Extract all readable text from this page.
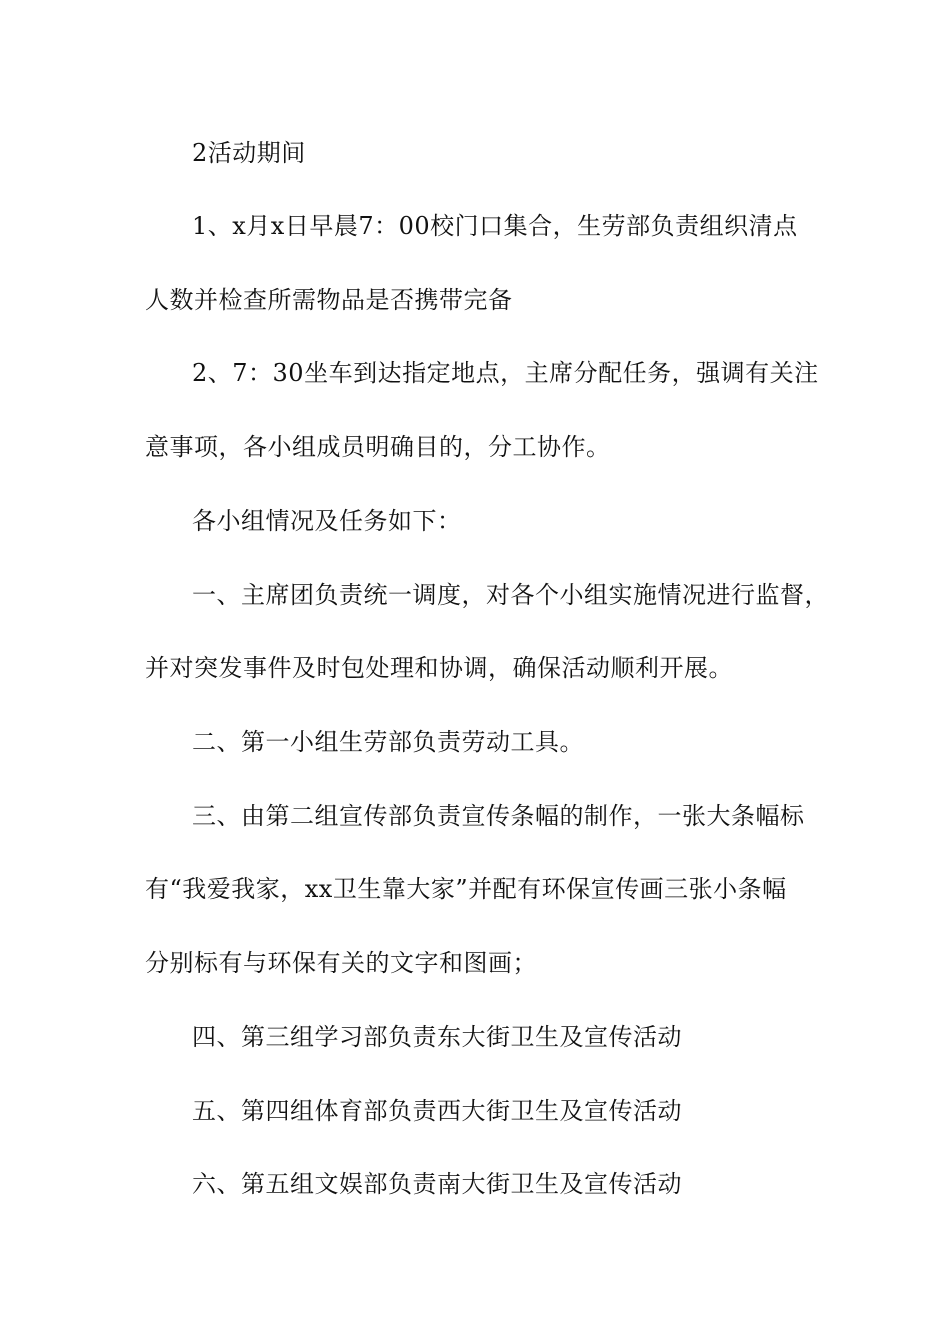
2活动期间

1、x月x日早晨7：00校门口集合，生劳部负责组织清点

人数并检查所需物品是否携带完备

2、7：30坐车到达指定地点，主席分配任务，强调有关注

意事项，各小组成员明确目的，分工协作。

各小组情况及任务如下：

一、主席团负责统一调度，对各个小组实施情况进行监督，

并对突发事件及时包处理和协调，确保活动顺利开展。

二、第一小组生劳部负责劳动工具。

三、由第二组宣传部负责宣传条幅的制作，一张大条幅标

有“我爱我家，xx卫生靠大家”并配有环保宣传画三张小条幅

分别标有与环保有关的文字和图画；

四、第三组学习部负责东大街卫生及宣传活动

五、第四组体育部负责西大街卫生及宣传活动

六、第五组文娱部负责南大街卫生及宣传活动
